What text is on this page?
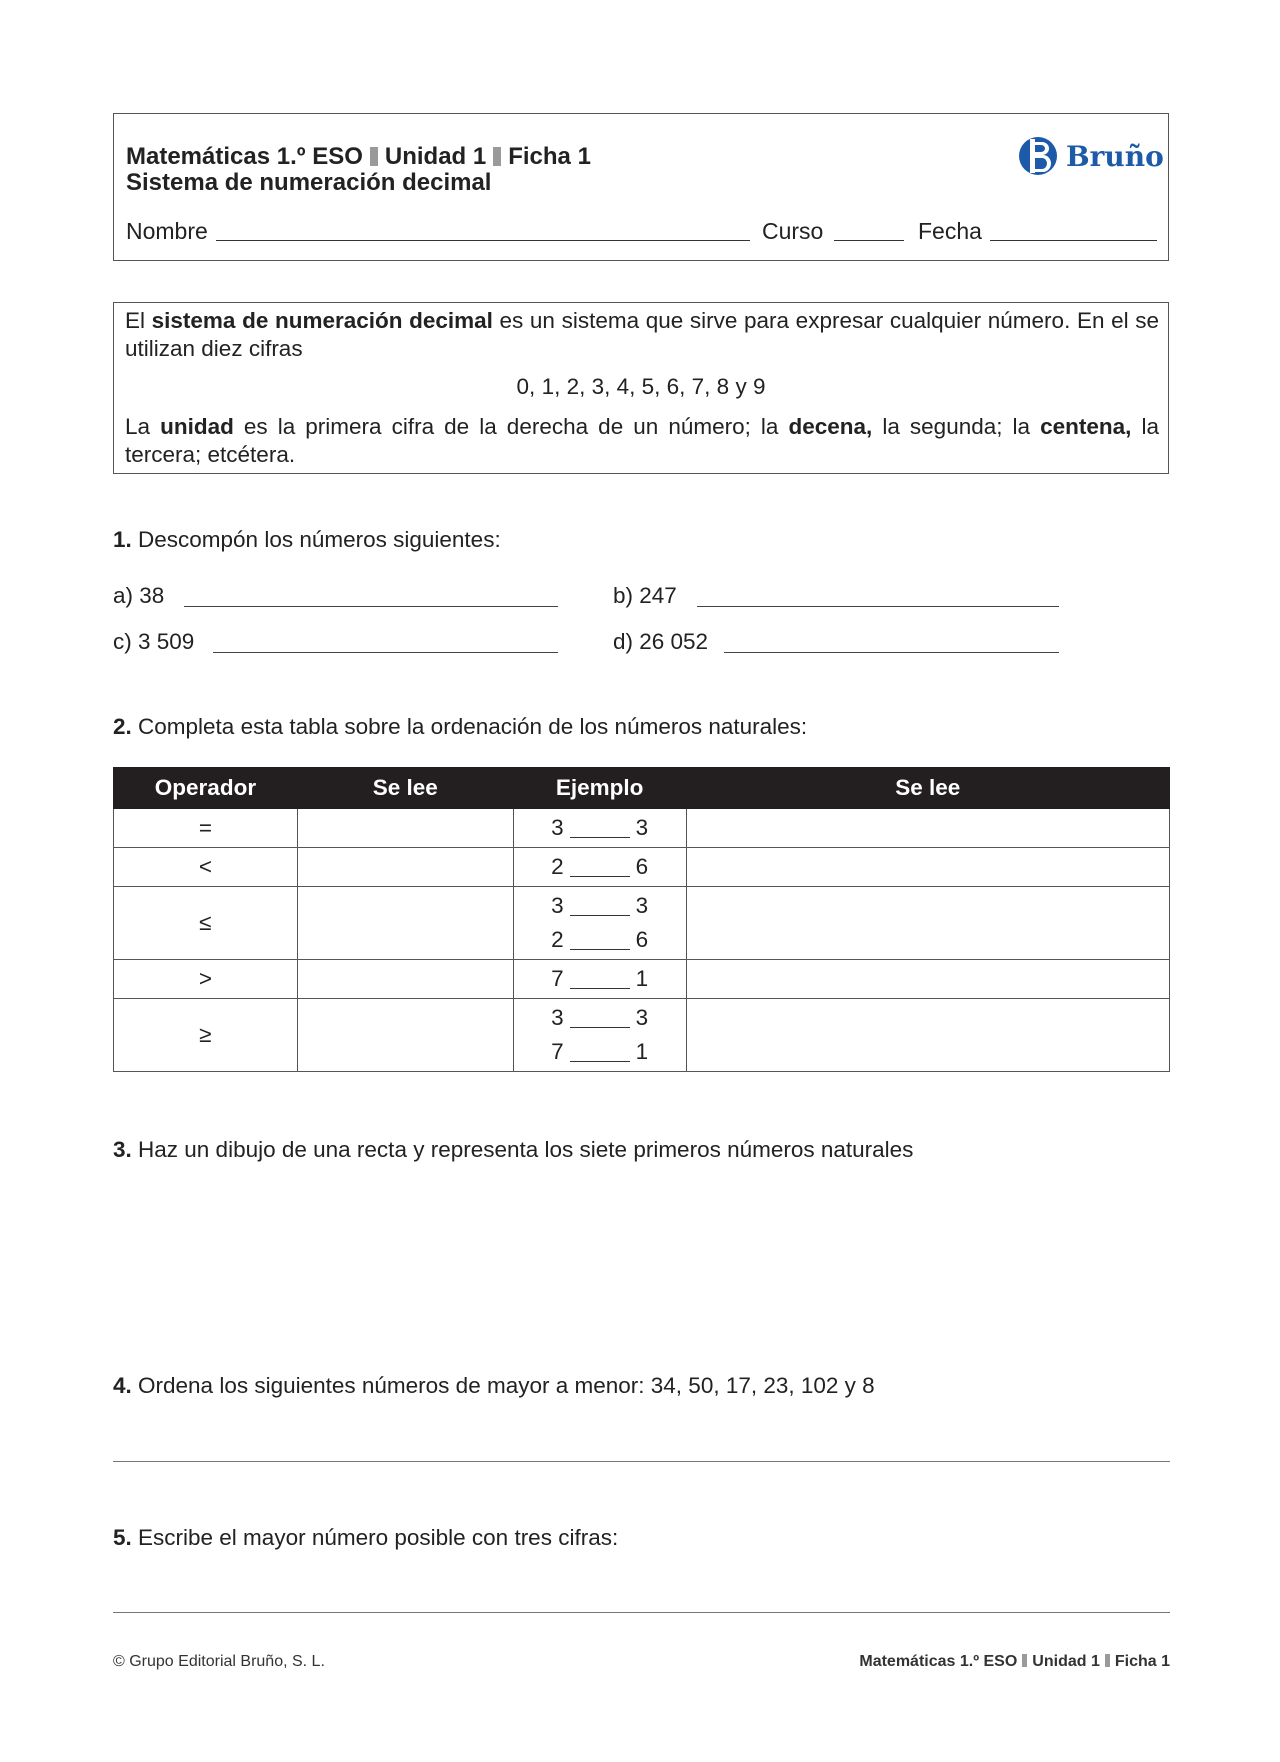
Matemáticas 1.º ESO Unidad 1 Ficha 1
Sistema de numeración decimal
Bruño
Nombre	Curso	Fecha
El sistema de numeración decimal es un sistema que sirve para expresar cualquier número. En el se utilizan diez cifras
0, 1, 2, 3, 4, 5, 6, 7, 8 y 9
La unidad es la primera cifra de la derecha de un número; la decena, la segunda; la centena, la tercera; etcétera.
1. Descompón los números siguientes:
a) 38	b) 247
c) 3 509	d) 26 052
2. Completa esta tabla sobre la ordenación de los números naturales:
Operador	Se lee	Ejemplo	Se lee
=		3 3	

<		2 6	

≤		3 3
2 6	

>		7 1	

≥		3 3
7 1	

3. Haz un dibujo de una recta y representa los siete primeros números naturales
4. Ordena los siguientes números de mayor a menor: 34, 50, 17, 23, 102 y 8
5. Escribe el mayor número posible con tres cifras:
© Grupo Editorial Bruño, S. L.	Matemáticas 1.º ESO Unidad 1 Ficha 1
